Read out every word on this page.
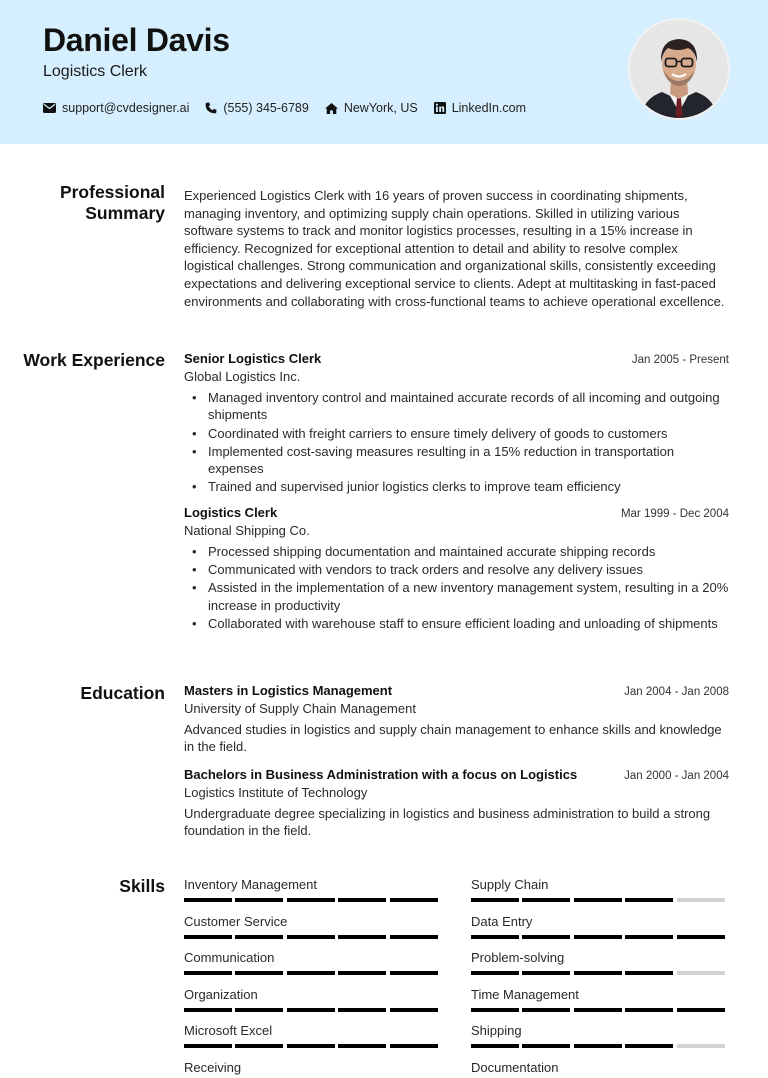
Daniel Davis
Logistics Clerk
support@cvdesigner.ai	(555) 345-6789	NewYork, US	LinkedIn.com
Professional Summary

Experienced Logistics Clerk with 16 years of proven success in coordinating shipments, managing inventory, and optimizing supply chain operations. Skilled in utilizing various software systems to track and monitor logistics processes, resulting in a 15% increase in efficiency. Recognized for exceptional attention to detail and ability to resolve complex logistical challenges. Strong communication and organizational skills, consistently exceeding expectations and delivering exceptional service to clients. Adept at multitasking in fast-paced environments and collaborating with cross-functional teams to achieve operational excellence.

Work Experience Senior Logistics Clerk	Jan 2005 - Present
Global Logistics Inc.
• Managed inventory control and maintained accurate records of all incoming and outgoing shipments
• Coordinated with freight carriers to ensure timely delivery of goods to customers
• Implemented cost-saving measures resulting in a 15% reduction in transportation expenses
• Trained and supervised junior logistics clerks to improve team efficiency
Logistics Clerk	Mar 1999 - Dec 2004
National Shipping Co.
• Processed shipping documentation and maintained accurate shipping records
• Communicated with vendors to track orders and resolve any delivery issues
• Assisted in the implementation of a new inventory management system, resulting in a 20% increase in productivity
• Collaborated with warehouse staff to ensure efficient loading and unloading of shipments
Education Masters in Logistics Management	Jan 2004 - Jan 2008
University of Supply Chain Management

Advanced studies in logistics and supply chain management to enhance skills and knowledge in the field.

Bachelors in Business Administration with a focus on Logistics	Jan 2000 - Jan 2004
Logistics Institute of Technology

Undergraduate degree specializing in logistics and business administration to build a strong foundation in the field.

Skills Inventory Management	Supply Chain
Customer Service	Data Entry
Communication	Problem-solving
Organization	Time Management
Microsoft Excel	Shipping
Receiving	Documentation
